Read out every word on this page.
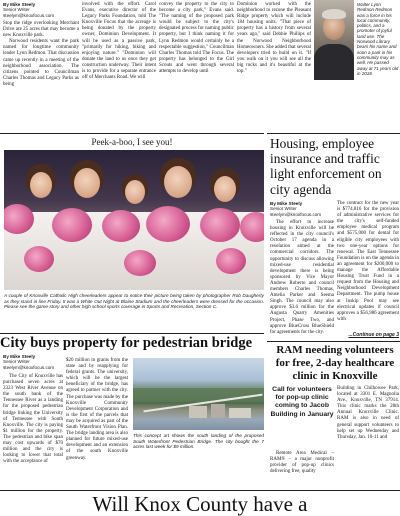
By Mike Steely
Senior Writer
steelym@knoxfocus.com
Stop the ridge overlooking Merchant Drive are 25 acres that may become a new Knoxville park.
Norwood residents want the park named for longtime community leader Lynn Redmon. That discussion came up recently in a meeting of the neighborhood association. The citizens pointed to Councilman Charles Thomas and Legacy Parks as being
involved with the effort. Carol Evans, executive director of the Legacy Parks Foundation, told The Knoxville Focus that the acreage is being donated by the property owner, Dominion Development. It will be used as a passive park, "primarily for hiking, biking and enjoying nature." "Dominion will donate the land to us once they get construction underway. Their intent is to provide for a separate entrance off of Merchants Road. We will
convey the property to the city to become a city park," Evans said. "The naming of the proposed park would be subject to the city's designated process for naming public property, but I think naming it for Lynn Redmon would certainly be a respectable suggestion," Councilman Charles Thomas told The Focus. The property has belonged to the Girl Scouts and went through several attempts to develop until
Dominion worked with the neighborhood to rezone the Pleasant Ridge property which will include 184 housing units. "That piece of property has a history from several years ago," said Debbie Phillips of the Norwood Neighborhood Homeowners. She added that several developers tried to build on it. "If you walk on it you will see all the big rocks and it's beautiful at the top."
Walter Lynn Redmon Redmon was a force in his local community, politics, and a promoter of joyful land use. The Norwood Library bears his name and soon a park in his community may as well. He passed away at 71 years old in 2018.
Peek-a-boo, I see you!
A couple of Knoxville Catholic High cheerleaders appear to notice their picture being taken by photographer Rob Daugherty as they stand in line Friday. It was a White Out Night at Blaine Stadium and the cheerleaders were dressed for the occasion. Please see the game story and other high school sports coverage in Sports and Recreation, Section C.
City buys property for pedestrian bridge
By Mike Steely
Senior Writer
steelym@knoxfocus.com
The City of Knoxville has purchased seven acres at 2323 West River Avenue on the south bank of the Tennessee River as a landing for the proposed pedestrian bridge linking the University of Tennessee with South Knoxville. The city is paying $1 million for the property. The pedestrian and bike span may cost upwards of $70 million and the city is looking to lower that total with the acceptance of
$20 million in grants from the state and by reapplying for federal grants. The university, which will be the largest beneficiary of the bridge, has agreed to partner with the city. The purchase was made by the Knoxville Community Development Corporation and is the first of the parcels that may be acquired as part of the South Waterfront Vision Plan. The bridge landing area is also planned for future mixed-use development and an extension of the south Knoxville greenway.
This concept art shows the south landing of the proposed South Waterfront Pedestrian Bridge. The city bought the 7 acres last week for $9 million.
Housing, employee insurance and traffic light enforcement on city agenda
By Mike Steely
Senior Writer
steelym@knoxfocus.com
The effort to increase housing in Knoxville will be reflected in the city council's October 17 agenda in a resolution aimed at the commercial corridors. The opportunity to discuss allowing mixed-use residential development there is being sponsored by Vice Mayor Andrew Roberto and council members Charles Thomas, Amelia Parker and Seema Singh. The council may also approve $3.6 million for the Augusta Quarry Amenities Project, Phase Two, and approve BlueCross BlueShield for agreements for the city.
The contract for the new year is $774,816 for the provision of administrative services for the city's self-funded employee medical program and $575,000 for dental for eligible city employees with two one-year options for renewal. The East Tennessee Foundation is on the agenda in an agreement for $200,000 to manage the Affordable Housing Trust Fund in a request from the Housing and Neighborhood Development Department. The pump house at Inskip Pool may see electrical updates if council approves a $56,986 agreement with
...Continue on page 3
RAM needing volunteers for free, 2-day healthcare clinic in Knoxville
Call for volunteers for pop-up clinic coming to Jacob Building in January
Remote Area Medical – RAM® – a major nonprofit provider of pop-up clinics delivering free, quality
Building in Chilhowee Park, located at 3301 E. Magnolia Ave., Knoxville, TN 37914. This clinic marks the 28th Annual Knoxville Clinic. RAM is also in need of general support volunteers to help set up Wednesday and Thursday, Jan. 10-11 and
Will Knox County have a
